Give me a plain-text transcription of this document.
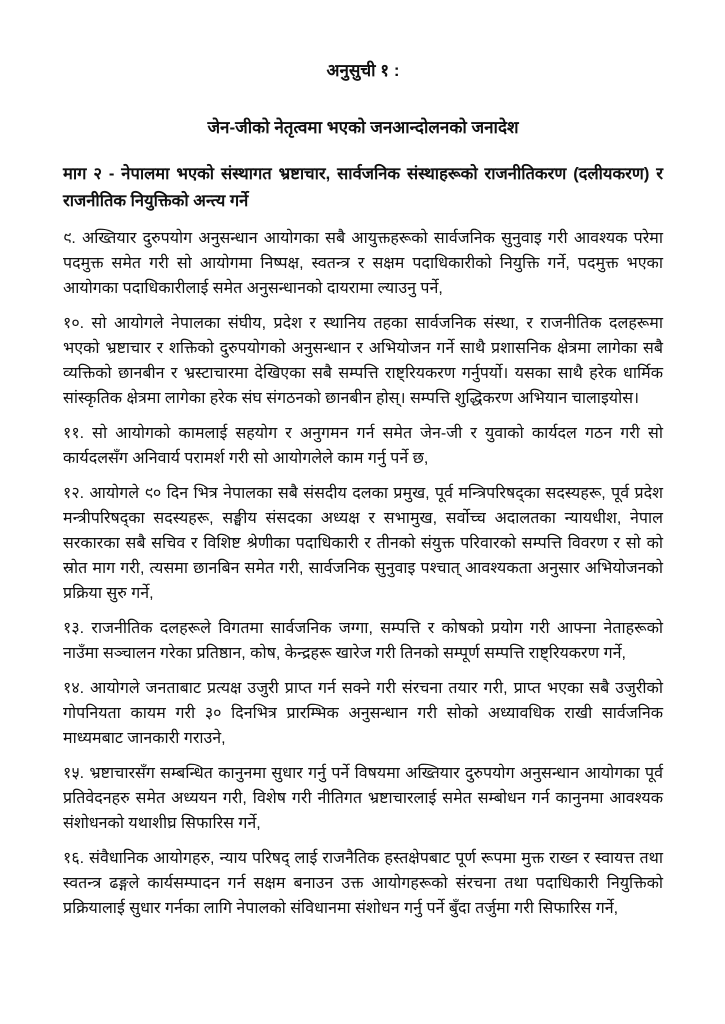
अनुसुची १ :
जेन-जीको नेतृत्वमा भएको जनआन्दोलनको जनादेश
माग २ - नेपालमा भएको संस्थागत भ्रष्टाचार, सार्वजनिक संस्थाहरूको राजनीतिकरण (दलीयकरण) र राजनीतिक नियुक्तिको अन्त्य गर्ने

९. अख्तियार दुरुपयोग अनुसन्धान आयोगका सबै आयुक्तहरूको सार्वजनिक सुनुवाइ गरी आवश्यक परेमा पदमुक्त समेत गरी सो आयोगमा निष्पक्ष, स्वतन्त्र र सक्षम पदाधिकारीको नियुक्ति गर्ने, पदमुक्त भएका आयोगका पदाधिकारीलाई समेत अनुसन्धानको दायरामा ल्याउनु पर्ने,

१०. सो आयोगले नेपालका संघीय, प्रदेश र स्थानिय तहका सार्वजनिक संस्था, र राजनीतिक दलहरूमा भएको भ्रष्टाचार र शक्तिको दुरुपयोगको अनुसन्धान र अभियोजन गर्ने साथै प्रशासनिक क्षेत्रमा लागेका सबै व्यक्तिको छानबीन र भ्रस्टाचारमा देखिएका सबै सम्पत्ति राष्ट्रियकरण गर्नुपर्यो। यसका साथै हरेक धार्मिक सांस्कृतिक क्षेत्रमा लागेका हरेक संघ संगठनको छानबीन होस्। सम्पत्ति शुद्धिकरण अभियान चालाइयोस।

११. सो आयोगको कामलाई सहयोग र अनुगमन गर्न समेत जेन-जी र युवाको कार्यदल गठन गरी सो कार्यदलसँग अनिवार्य परामर्श गरी सो आयोगलेले काम गर्नु पर्ने छ,

१२. आयोगले ९० दिन भित्र नेपालका सबै संसदीय दलका प्रमुख, पूर्व मन्त्रिपरिषद्का सदस्यहरू, पूर्व प्रदेश मन्त्रीपरिषद्का सदस्यहरू, सङ्घीय संसदका अध्यक्ष र सभामुख, सर्वोच्च अदालतका न्यायधीश, नेपाल सरकारका सबै सचिव र विशिष्ट श्रेणीका पदाधिकारी र तीनको संयुक्त परिवारको सम्पत्ति विवरण र सो को स्रोत माग गरी, त्यसमा छानबिन समेत गरी, सार्वजनिक सुनुवाइ पश्चात् आवश्यकता अनुसार अभियोजनको प्रक्रिया सुरु गर्ने,

१३. राजनीतिक दलहरूले विगतमा सार्वजनिक जग्गा, सम्पत्ति र कोषको प्रयोग गरी आफ्ना नेताहरूको नाउँमा सञ्चालन गरेका प्रतिष्ठान, कोष, केन्द्रहरू खारेज गरी तिनको सम्पूर्ण सम्पत्ति राष्ट्रियकरण गर्ने,

१४. आयोगले जनताबाट प्रत्यक्ष उजुरी प्राप्त गर्न सक्ने गरी संरचना तयार गरी, प्राप्त भएका सबै उजुरीको गोपनियता कायम गरी ३० दिनभित्र प्रारम्भिक अनुसन्धान गरी सोको अध्यावधिक राखी सार्वजनिक माध्यमबाट जानकारी गराउने,

१५. भ्रष्टाचारसँग सम्बन्धित कानुनमा सुधार गर्नु पर्ने विषयमा अख्तियार दुरुपयोग अनुसन्धान आयोगका पूर्व प्रतिवेदनहरु समेत अध्ययन गरी, विशेष गरी नीतिगत भ्रष्टाचारलाई समेत सम्बोधन गर्न कानुनमा आवश्यक संशोधनको यथाशीघ्र सिफारिस गर्ने,

१६. संवैधानिक आयोगहरु, न्याय परिषद् लाई राजनैतिक हस्तक्षेपबाट पूर्ण रूपमा मुक्त राख्न र स्वायत्त तथा स्वतन्त्र ढङ्गले कार्यसम्पादन गर्न सक्षम बनाउन उक्त आयोगहरूको संरचना तथा पदाधिकारी नियुक्तिको प्रक्रियालाई सुधार गर्नका लागि नेपालको संविधानमा संशोधन गर्नु पर्ने बुँदा तर्जुमा गरी सिफारिस गर्ने,
